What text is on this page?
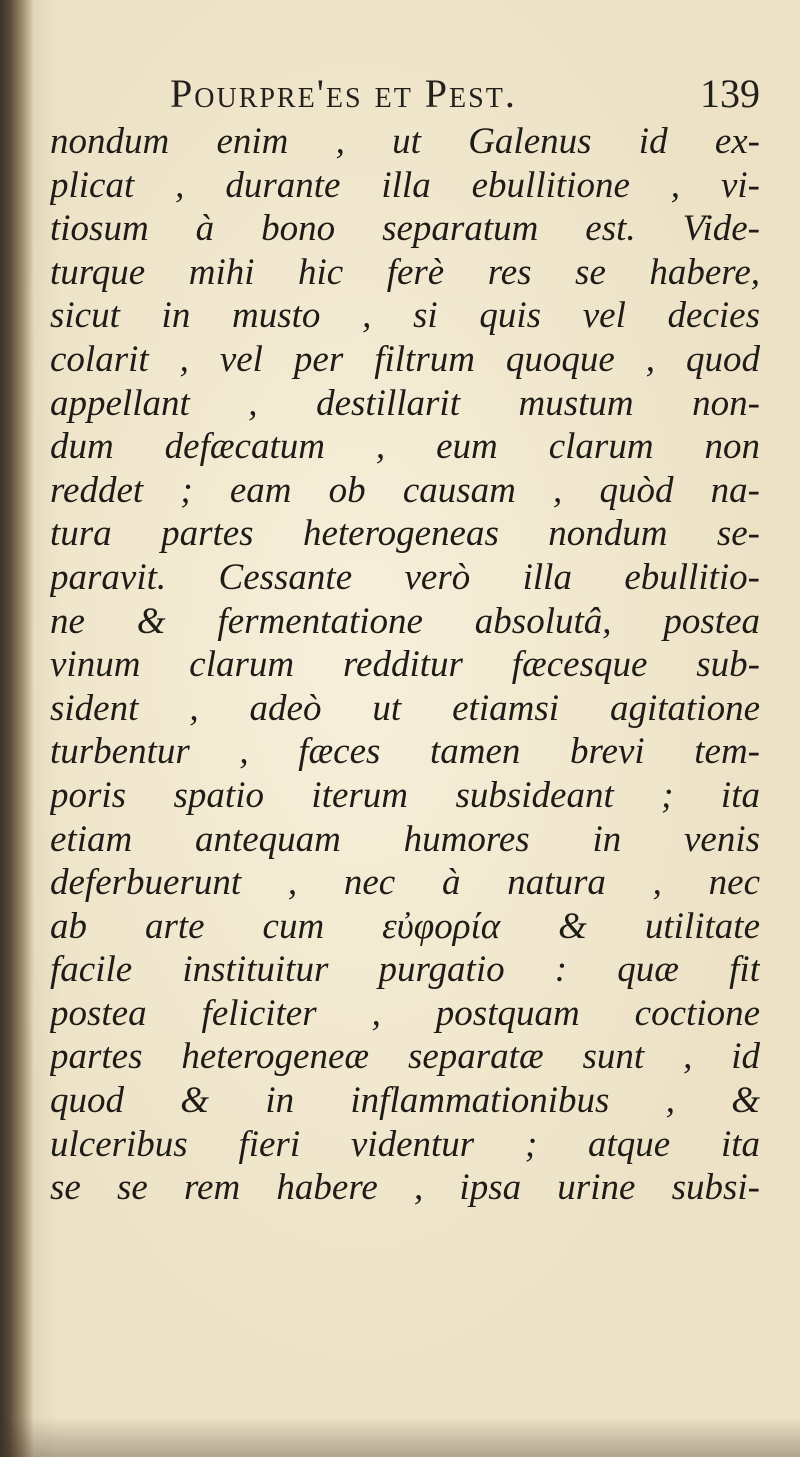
Pourpre'es et Pest.	139
nondum enim , ut Galenus id ex-
plicat , durante illa ebullitione , vi-
tiosum à bono separatum est. Vide-
turque mihi hic ferè res se habere,
sicut in musto , si quis vel decies
colarit , vel per filtrum quoque , quod
appellant , destillarit mustum non-
dum defæcatum , eum clarum non
reddet ; eam ob causam , quòd na-
tura partes heterogeneas nondum se-
paravit. Cessante verò illa ebullitio-
ne & fermentatione absolutâ, postea
vinum clarum redditur fæcesque sub-
sident , adeò ut etiamsi agitatione
turbentur , fæces tamen brevi tem-
poris spatio iterum subsideant ; ita
etiam antequam humores in venis
deferbuerunt , nec à natura , nec
ab arte cum εὐφορία & utilitate
facile instituitur purgatio : quæ fit
postea feliciter , postquam coctione
partes heterogeneæ separatæ sunt , id
quod & in inflammationibus , &
ulceribus fieri videntur ; atque ita
se se rem habere , ipsa urine subsi-
